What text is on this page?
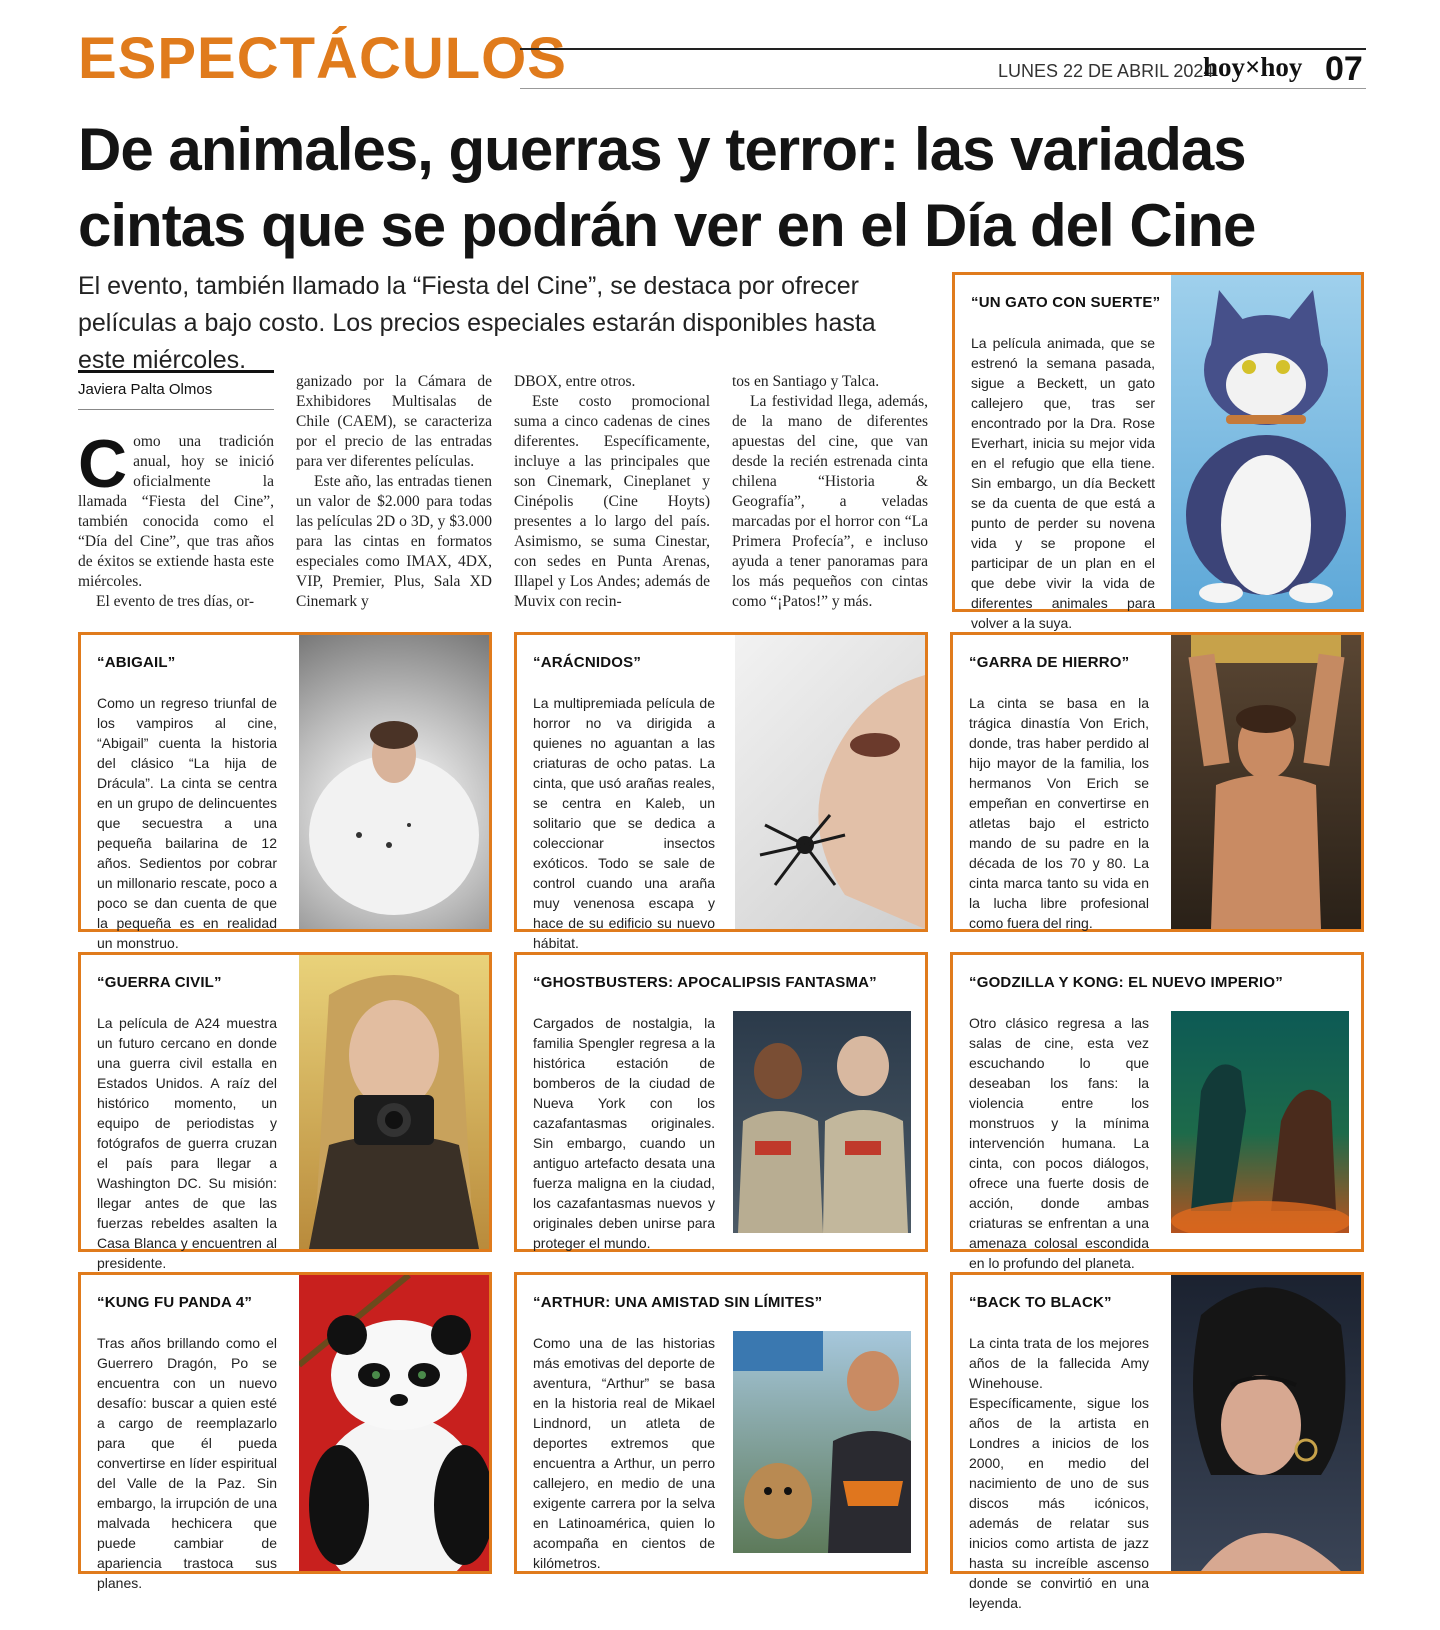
ESPECTÁCULOS	LUNES 22 DE ABRIL 2024
hoy×hoy 07
De animales, guerras y terror: las variadas cintas que se podrán ver en el Día del Cine
El evento, también llamado la “Fiesta del Cine”, se destaca por ofrecer películas a bajo costo. Los precios especiales estarán disponibles hasta este miércoles.
Javiera Palta Olmos
C omo una tradición anual, hoy se inició oficialmente la llamada “Fiesta del Cine”, también conocida como el “Día del Cine”, que tras años de éxitos se extiende hasta este miércoles.

El evento de tres días, or-

ganizado por la Cámara de Exhibidores Multisalas de Chile (CAEM), se caracteriza por el precio de las entradas para ver diferentes películas.

Este año, las entradas tienen un valor de $2.000 para todas las películas 2D o 3D, y $3.000 para las cintas en formatos especiales como IMAX, 4DX, VIP, Premier, Plus, Sala XD Cinemark y

DBOX, entre otros.

Este costo promocional suma a cinco cadenas de cines diferentes. Específicamente, incluye a las principales que son Cinemark, Cineplanet y Cinépolis (Cine Hoyts) presentes a lo largo del país. Asimismo, se suma Cinestar, con sedes en Punta Arenas, Illapel y Los Andes; además de Muvix con recin-

tos en Santiago y Talca.

La festividad llega, además, de la mano de diferentes apuestas del cine, que van desde la recién estrenada cinta chilena “Historia & Geografía”, a veladas marcadas por el horror con “La Primera Profecía”, e incluso ayuda a tener panoramas para los más pequeños con cintas como “¡Patos!” y más.

“UN GATO CON SUERTE”
La película animada, que se estrenó la semana pasada, sigue a Beckett, un gato callejero que, tras ser encontrado por la Dra. Rose Everhart, inicia su mejor vida en el refugio que ella tiene. Sin embargo, un día Beckett se da cuenta de que está a punto de perder su novena vida y se propone el participar de un plan en el que debe vivir la vida de diferentes animales para volver a la suya.
“ABIGAIL”
Como un regreso triunfal de los vampiros al cine, “Abigail” cuenta la historia del clásico “La hija de Drácula”. La cinta se centra en un grupo de delincuentes que secuestra a una pequeña bailarina de 12 años. Sedientos por cobrar un millonario rescate, poco a poco se dan cuenta de que la pequeña es en realidad un monstruo.
“ARÁCNIDOS”
La multipremiada película de horror no va dirigida a quienes no aguantan a las criaturas de ocho patas. La cinta, que usó arañas reales, se centra en Kaleb, un solitario que se dedica a coleccionar insectos exóticos. Todo se sale de control cuando una araña muy venenosa escapa y hace de su edificio su nuevo hábitat.
“GARRA DE HIERRO”
La cinta se basa en la trágica dinastía Von Erich, donde, tras haber perdido al hijo mayor de la familia, los hermanos Von Erich se empeñan en convertirse en atletas bajo el estricto mando de su padre en la década de los 70 y 80. La cinta marca tanto su vida en la lucha libre profesional como fuera del ring.
“GUERRA CIVIL”
La película de A24 muestra un futuro cercano en donde una guerra civil estalla en Estados Unidos. A raíz del histórico momento, un equipo de periodistas y fotógrafos de guerra cruzan el país para llegar a Washington DC. Su misión: llegar antes de que las fuerzas rebeldes asalten la Casa Blanca y encuentren al presidente.
“GHOSTBUSTERS: APOCALIPSIS FANTASMA”
Cargados de nostalgia, la familia Spengler regresa a la histórica estación de bomberos de la ciudad de Nueva York con los cazafantasmas originales. Sin embargo, cuando un antiguo artefacto desata una fuerza maligna en la ciudad, los cazafantasmas nuevos y originales deben unirse para proteger el mundo.
“GODZILLA Y KONG: EL NUEVO IMPERIO”
Otro clásico regresa a las salas de cine, esta vez escuchando lo que deseaban los fans: la violencia entre los monstruos y la mínima intervención humana. La cinta, con pocos diálogos, ofrece una fuerte dosis de acción, donde ambas criaturas se enfrentan a una amenaza colosal escondida en lo profundo del planeta.
“KUNG FU PANDA 4”
Tras años brillando como el Guerrero Dragón, Po se encuentra con un nuevo desafío: buscar a quien esté a cargo de reemplazarlo para que él pueda convertirse en líder espiritual del Valle de la Paz. Sin embargo, la irrupción de una malvada hechicera que puede cambiar de apariencia trastoca sus planes.
“ARTHUR: UNA AMISTAD SIN LÍMITES”
Como una de las historias más emotivas del deporte de aventura, “Arthur” se basa en la historia real de Mikael Lindnord, un atleta de deportes extremos que encuentra a Arthur, un perro callejero, en medio de una exigente carrera por la selva en Latinoamérica, quien lo acompaña en cientos de kilómetros.
“BACK TO BLACK”
La cinta trata de los mejores años de la fallecida Amy Winehouse. Específicamente, sigue los años de la artista en Londres a inicios de los 2000, en medio del nacimiento de uno de sus discos más icónicos, además de relatar sus inicios como artista de jazz hasta su increíble ascenso donde se convirtió en una leyenda.
